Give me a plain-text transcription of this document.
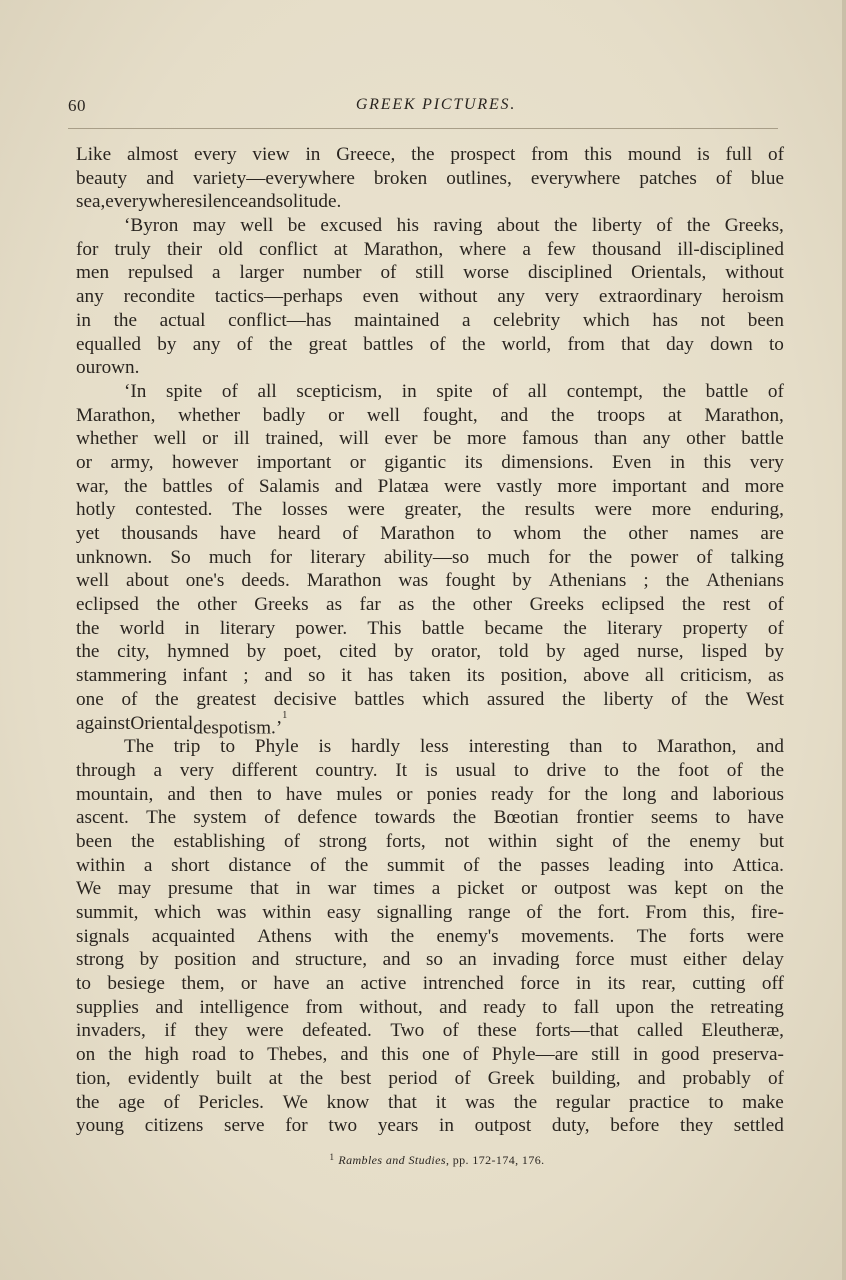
60	GREEK PICTURES.
Like almost every view in Greece, the prospect from this mound is full of
beauty and variety—everywhere broken outlines, everywhere patches of blue
sea, everywhere silence and solitude.
‘Byron may well be excused his raving about the liberty of the Greeks,
for truly their old conflict at Marathon, where a few thousand ill-disciplined
men repulsed a larger number of still worse disciplined Orientals, without
any recondite tactics—perhaps even without any very extraordinary heroism
in the actual conflict—has maintained a celebrity which has not been
equalled by any of the great battles of the world, from that day down to
our own.
‘In spite of all scepticism, in spite of all contempt, the battle of
Marathon, whether badly or well fought, and the troops at Marathon,
whether well or ill trained, will ever be more famous than any other battle
or army, however important or gigantic its dimensions. Even in this very
war, the battles of Salamis and Platæa were vastly more important and more
hotly contested. The losses were greater, the results were more enduring,
yet thousands have heard of Marathon to whom the other names are
unknown. So much for literary ability—so much for the power of talking
well about one's deeds. Marathon was fought by Athenians ; the Athenians
eclipsed the other Greeks as far as the other Greeks eclipsed the rest of
the world in literary power. This battle became the literary property of
the city, hymned by poet, cited by orator, told by aged nurse, lisped by
stammering infant ; and so it has taken its position, above all criticism, as
one of the greatest decisive battles which assured the liberty of the West
against Oriental despotism.’$^1$
The trip to Phyle is hardly less interesting than to Marathon, and
through a very different country. It is usual to drive to the foot of the
mountain, and then to have mules or ponies ready for the long and laborious
ascent. The system of defence towards the Bœotian frontier seems to have
been the establishing of strong forts, not within sight of the enemy but
within a short distance of the summit of the passes leading into Attica.
We may presume that in war times a picket or outpost was kept on the
summit, which was within easy signalling range of the fort. From this, fire-
signals acquainted Athens with the enemy's movements. The forts were
strong by position and structure, and so an invading force must either delay
to besiege them, or have an active intrenched force in its rear, cutting off
supplies and intelligence from without, and ready to fall upon the retreating
invaders, if they were defeated. Two of these forts—that called Eleutheræ,
on the high road to Thebes, and this one of Phyle—are still in good preserva-
tion, evidently built at the best period of Greek building, and probably of
the age of Pericles. We know that it was the regular practice to make
young citizens serve for two years in outpost duty, before they settled
$^1$ Rambles and Studies, pp. 172-174, 176.
